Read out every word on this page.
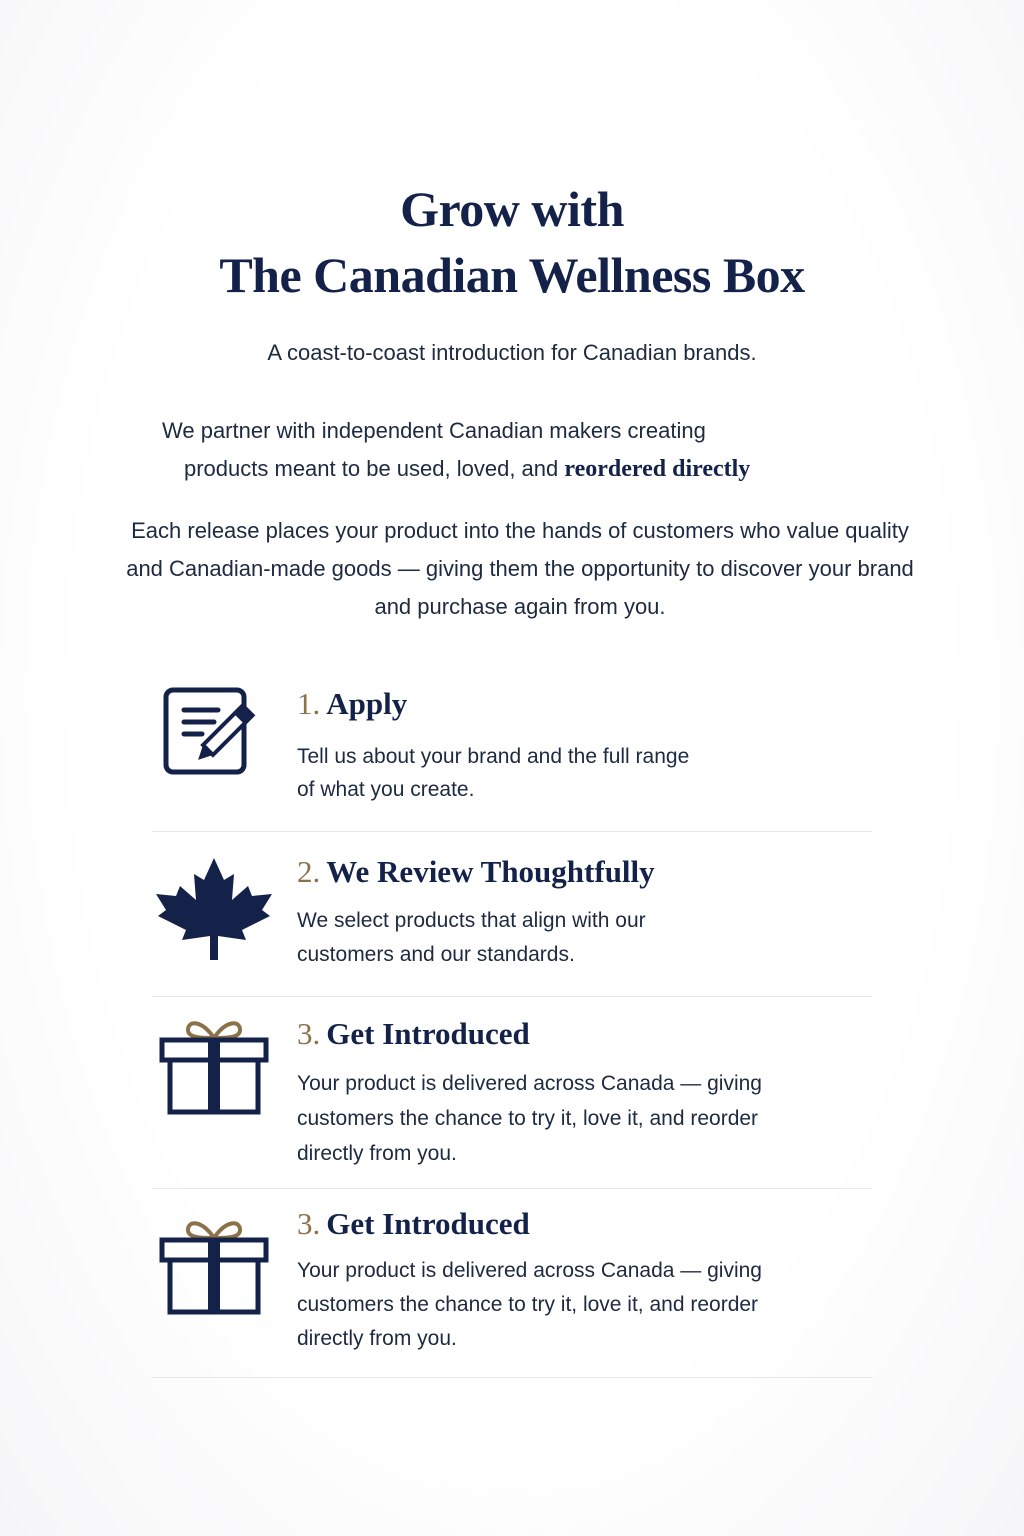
Grow with
The Canadian Wellness Box
A coast-to-coast introduction for Canadian brands.
We partner with independent Canadian makers creating
products meant to be used, loved, and reordered directly
Each release places your product into the hands of customers who value quality and Canadian-made goods — giving them the opportunity to discover your brand and purchase again from you.
1. Apply
Tell us about your brand and the full range
of what you create.
2. We Review Thoughtfully
We select products that align with our
customers and our standards.
3. Get Introduced
Your product is delivered across Canada — giving
customers the chance to try it, love it, and reorder
directly from you.
3. Get Introduced
Your product is delivered across Canada — giving
customers the chance to try it, love it, and reorder
directly from you.
